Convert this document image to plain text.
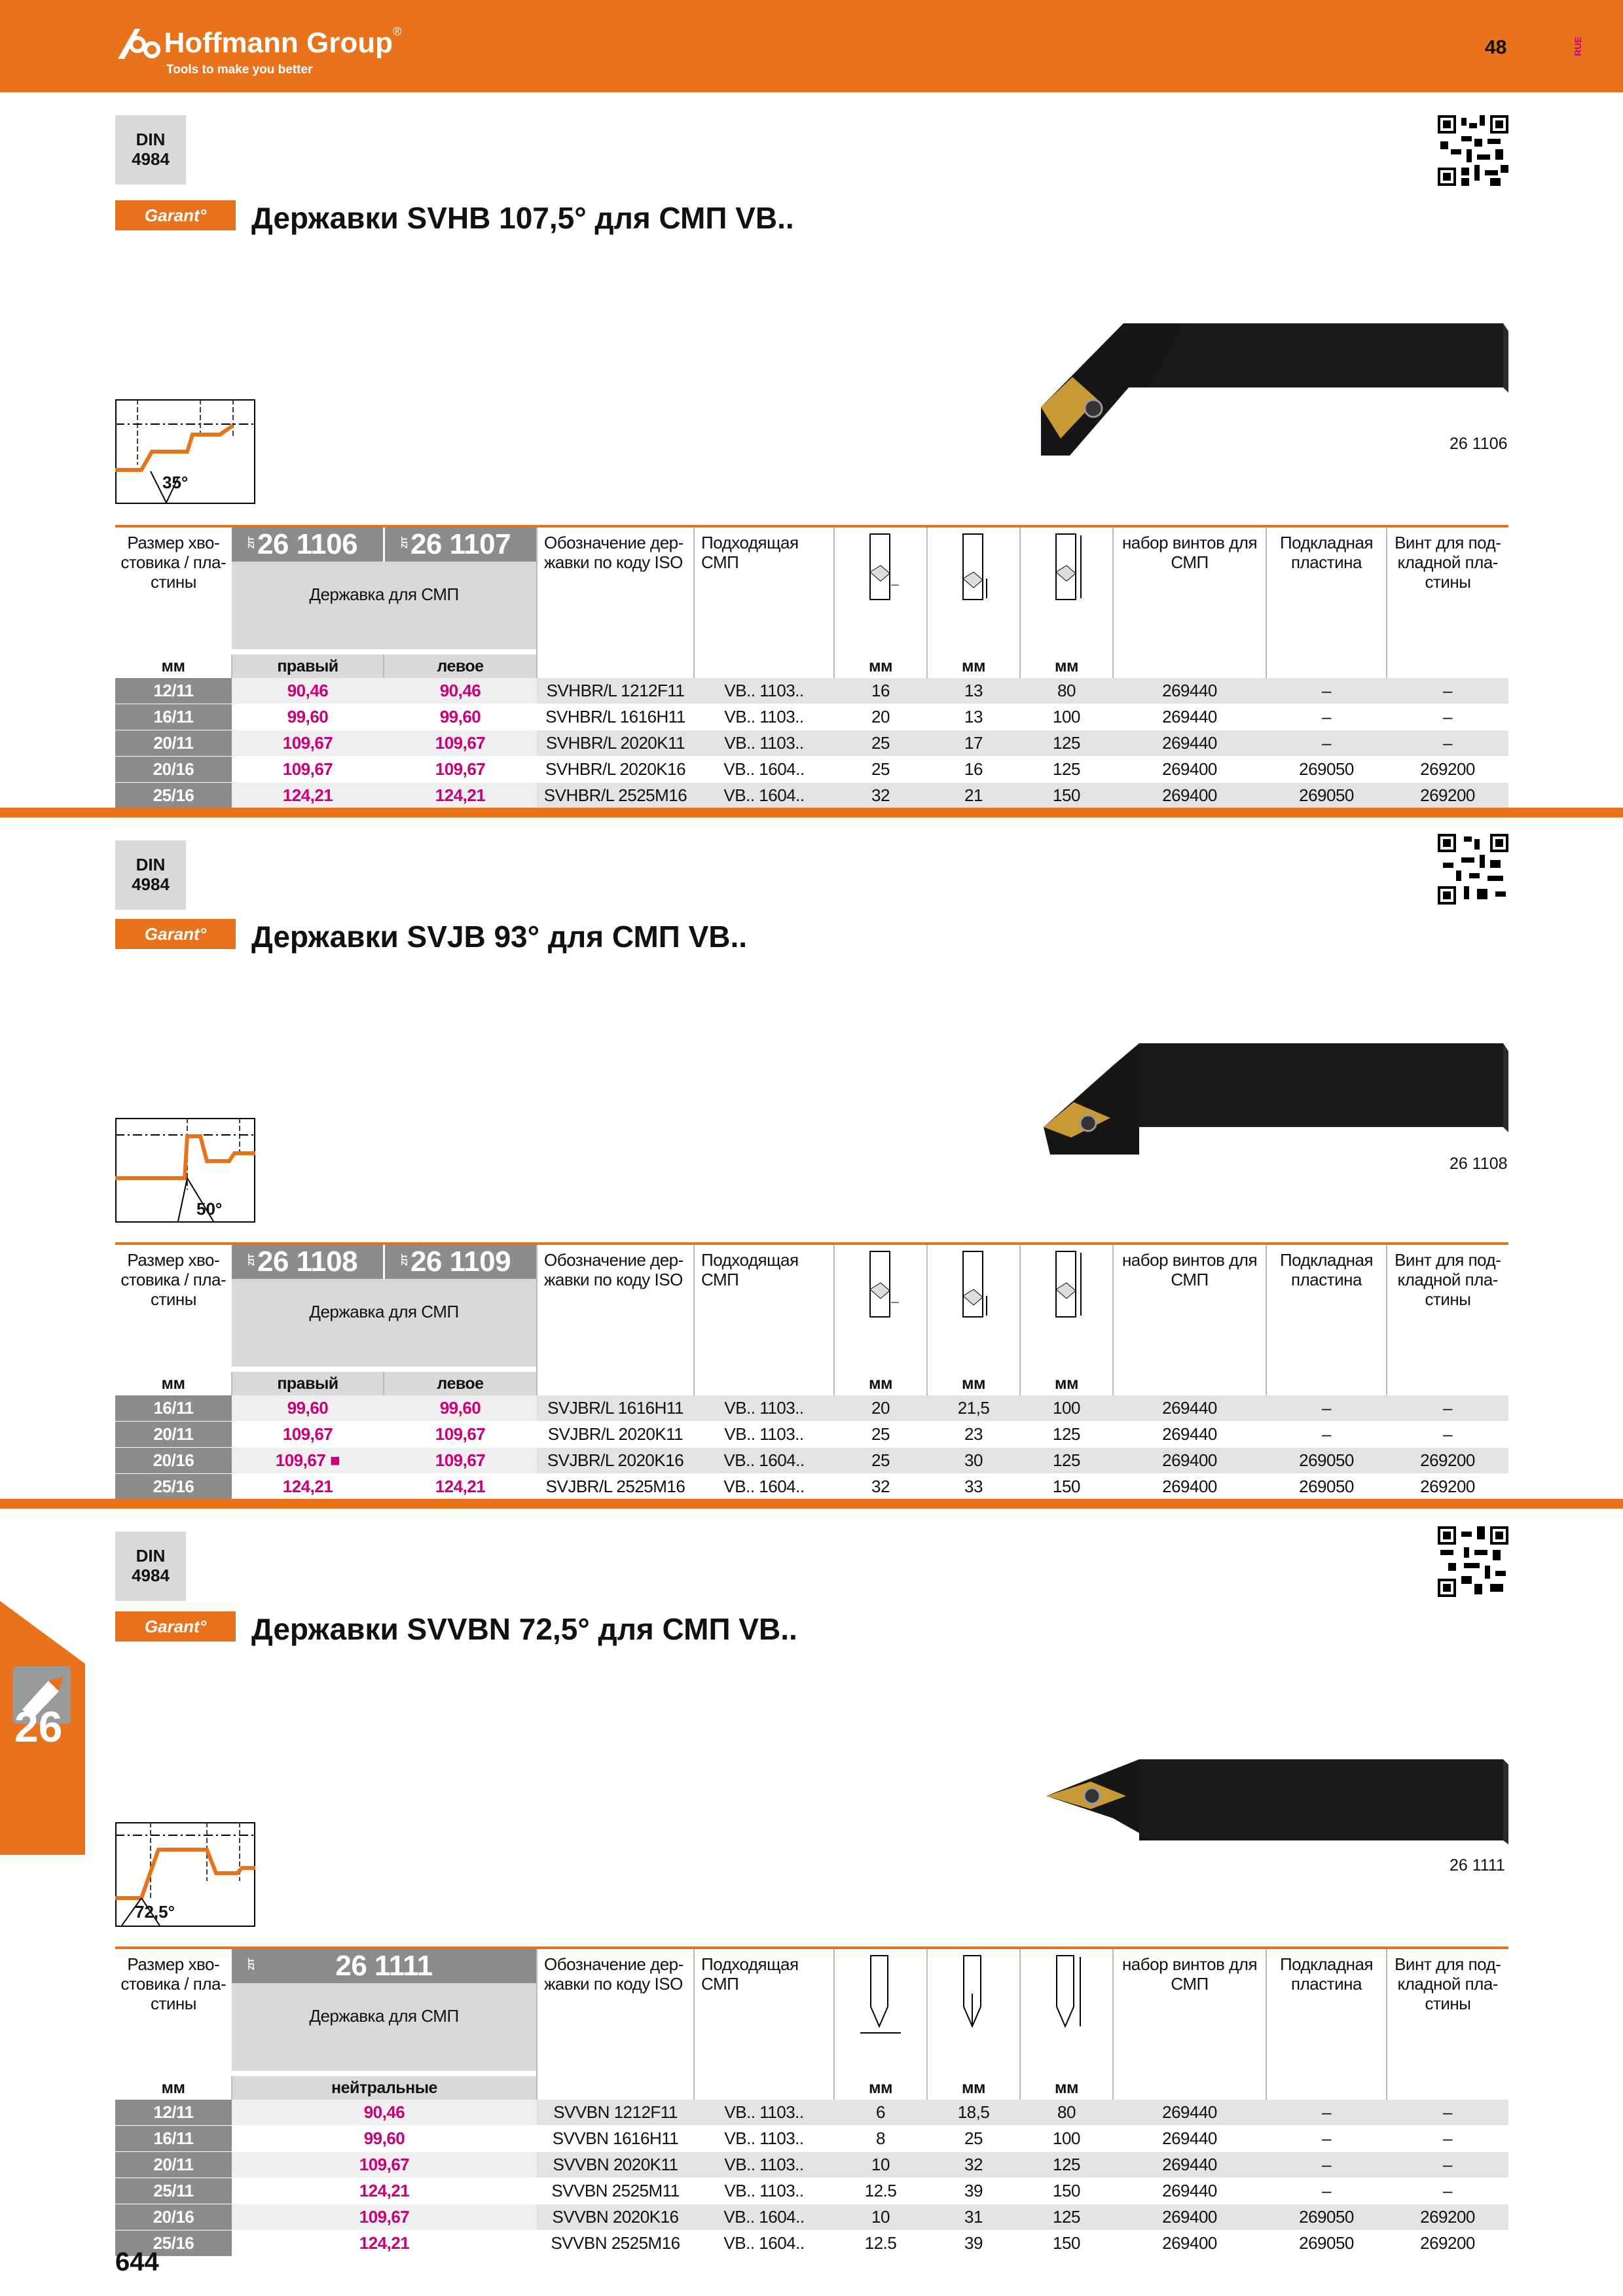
Hoffmann Group®
Tools to make you better
48	RUE
DIN
4984
Garant°	Державки SVHB 107,5° для СМП VB..
26 1106
35°
Размер хвостовика / пластины	ZIT 26 1106 ZIT 26 1107
Державка для СМП		Обозначение державки по коду ISO	Подходящая СМП				набор винтов для СМП	Подкладная пластина	Винт для подкладной пластины
мм	правый	левое			мм	мм	мм			
12/11	90,46	90,46	SVHBR/L 1212F11	VB.. 1103..	16	13	80	269440	–	–
16/11	99,60	99,60	SVHBR/L 1616H11	VB.. 1103..	20	13	100	269440	–	–
20/11	109,67	109,67	SVHBR/L 2020K11	VB.. 1103..	25	17	125	269440	–	–
20/16	109,67	109,67	SVHBR/L 2020K16	VB.. 1604..	25	16	125	269400	269050	269200
25/16	124,21	124,21	SVHBR/L 2525M16	VB.. 1604..	32	21	150	269400	269050	269200
DIN
4984
Garant°	Державки SVJB 93° для СМП VB..
26 1108
50°
Размер хвостовика / пластины	ZIT 26 1108 ZIT 26 1109
Державка для СМП		Обозначение державки по коду ISO	Подходящая СМП				набор винтов для СМП	Подкладная пластина	Винт для подкладной пластины
мм	правый	левое			мм	мм	мм			
16/11	99,60	99,60	SVJBR/L 1616H11	VB.. 1103..	20	21,5	100	269440	–	–
20/11	109,67	109,67	SVJBR/L 2020K11	VB.. 1103..	25	23	125	269440	–	–
20/16	109,67 ■	109,67	SVJBR/L 2020K16	VB.. 1604..	25	30	125	269400	269050	269200
25/16	124,21	124,21	SVJBR/L 2525M16	VB.. 1604..	32	33	150	269400	269050	269200
DIN
4984
Garant°	Державки SVVBN 72,5° для СМП VB..
26 1111
72,5°
Размер хвостовика / пластины	ZIT 26 1111
Державка для СМП	Обозначение державки по коду ISO	Подходящая СМП				набор винтов для СМП	Подкладная пластина	Винт для подкладной пластины
мм	нейтральные			мм	мм	мм			
12/11	90,46	SVVBN 1212F11	VB.. 1103..	6	18,5	80	269440	–	–
16/11	99,60	SVVBN 1616H11	VB.. 1103..	8	25	100	269440	–	–
20/11	109,67	SVVBN 2020K11	VB.. 1103..	10	32	125	269440	–	–
25/11	124,21	SVVBN 2525M11	VB.. 1103..	12.5	39	150	269440	–	–
20/16	109,67	SVVBN 2020K16	VB.. 1604..	10	31	125	269400	269050	269200
25/16	124,21	SVVBN 2525M16	VB.. 1604..	12.5	39	150	269400	269050	269200
26
644
